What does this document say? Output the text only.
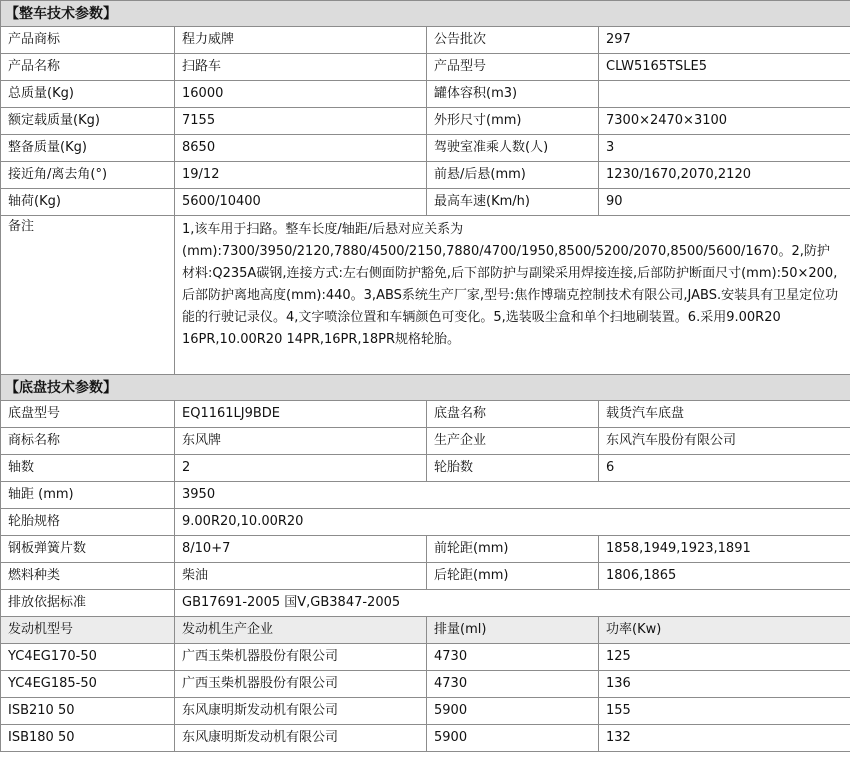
【整车技术参数】			
产品商标	程力威牌	公告批次	297
产品名称	扫路车	产品型号	CLW5165TSLE5
总质量(Kg)	16000	罐体容积(m3)	
额定载质量(Kg)	7155	外形尺寸(mm)	7300×2470×3100
整备质量(Kg)	8650	驾驶室准乘人数(人)	3
接近角/离去角(°)	19/12	前悬/后悬(mm)	1230/1670,2070,2120
轴荷(Kg)	5600/10400	最高车速(Km/h)	90
备注	1,该车用于扫路。整车长度/轴距/后悬对应关系为(mm):7300/3950/2120,7880/4500/2150,7880/4700/1950,8500/5200/2070,8500/5600/1670。2,防护材料:Q235A碳钢,连接方式:左右侧面防护豁免,后下部防护与副梁采用焊接连接,后部防护断面尺寸(mm):50×200,后部防护离地高度(mm):440。3,ABS系统生产厂家,型号:焦作博瑞克控制技术有限公司,JABS.安装具有卫星定位功能的行驶记录仪。4,文字喷涂位置和车辆颜色可变化。5,选装吸尘盒和单个扫地刷装置。6.采用9.00R20 16PR,10.00R20 14PR,16PR,18PR规格轮胎。		
【底盘技术参数】			
底盘型号	EQ1161LJ9BDE	底盘名称	载货汽车底盘
商标名称	东风牌	生产企业	东风汽车股份有限公司
轴数	2	轮胎数	6
轴距 (mm)	3950		
轮胎规格	9.00R20,10.00R20		
钢板弹簧片数	8/10+7	前轮距(mm)	1858,1949,1923,1891
燃料种类	柴油	后轮距(mm)	1806,1865
排放依据标准	GB17691-2005 国Ⅴ,GB3847-2005		
发动机型号	发动机生产企业	排量(ml)	功率(Kw)
YC4EG170-50	广西玉柴机器股份有限公司	4730	125
YC4EG185-50	广西玉柴机器股份有限公司	4730	136
ISB210 50	东风康明斯发动机有限公司	5900	155
ISB180 50	东风康明斯发动机有限公司	5900	132
